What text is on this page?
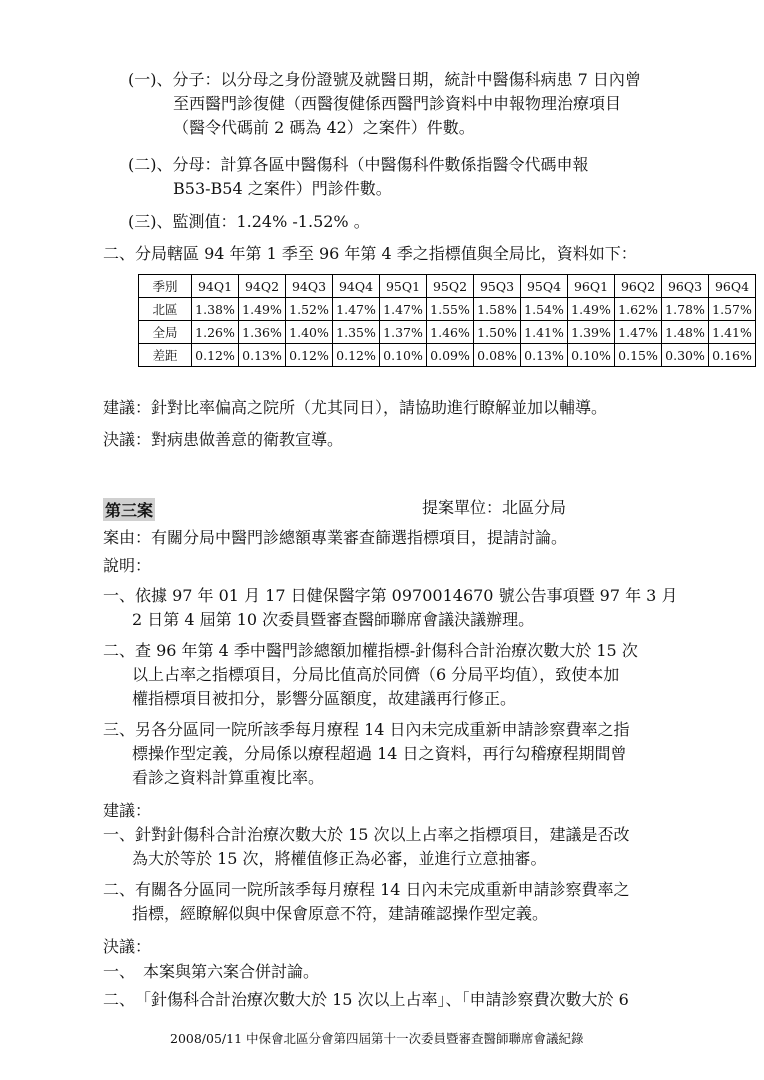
(一)、分子：以分母之身份證號及就醫日期，統計中醫傷科病患 7 日內曾
至西醫門診復健（西醫復健係西醫門診資料中申報物理治療項目
（醫令代碼前 2 碼為 42）之案件）件數。
(二)、分母：計算各區中醫傷科（中醫傷科件數係指醫令代碼申報
B53-B54 之案件）門診件數。
(三)、監測值：1.24% -1.52% 。
二、分局轄區 94 年第 1 季至 96 年第 4 季之指標值與全局比，資料如下：
季別	94Q1	94Q2	94Q3	94Q4	95Q1	95Q2	95Q3	95Q4	96Q1	96Q2	96Q3	96Q4
北區	1.38%	1.49%	1.52%	1.47%	1.47%	1.55%	1.58%	1.54%	1.49%	1.62%	1.78%	1.57%
全局	1.26%	1.36%	1.40%	1.35%	1.37%	1.46%	1.50%	1.41%	1.39%	1.47%	1.48%	1.41%
差距	0.12%	0.13%	0.12%	0.12%	0.10%	0.09%	0.08%	0.13%	0.10%	0.15%	0.30%	0.16%
建議：針對比率偏高之院所（尤其同日），請協助進行瞭解並加以輔導。
決議：對病患做善意的衛教宣導。
第三案	提案單位：北區分局
案由：有關分局中醫門診總額專業審查篩選指標項目，提請討論。
說明：
一、依據 97 年 01 月 17 日健保醫字第 0970014670 號公告事項暨 97 年 3 月
2 日第 4 屆第 10 次委員暨審查醫師聯席會議決議辦理。
二、查 96 年第 4 季中醫門診總額加權指標-針傷科合計治療次數大於 15 次
以上占率之指標項目，分局比值高於同儕（6 分局平均值），致使本加
權指標項目被扣分，影響分區額度，故建議再行修正。
三、另各分區同一院所該季每月療程 14 日內未完成重新申請診察費率之指
標操作型定義，分局係以療程超過 14 日之資料，再行勾稽療程期間曾
看診之資料計算重複比率。
建議：
一、針對針傷科合計治療次數大於 15 次以上占率之指標項目，建議是否改
為大於等於 15 次，將權值修正為必審，並進行立意抽審。
二、有關各分區同一院所該季每月療程 14 日內未完成重新申請診察費率之
指標，經瞭解似與中保會原意不符，建請確認操作型定義。
決議：
一、　本案與第六案合併討論。
二、　「針傷科合計治療次數大於 15 次以上占率」、「申請診察費次數大於 6
2008/05/11 中保會北區分會第四屆第十一次委員暨審查醫師聯席會議紀錄
